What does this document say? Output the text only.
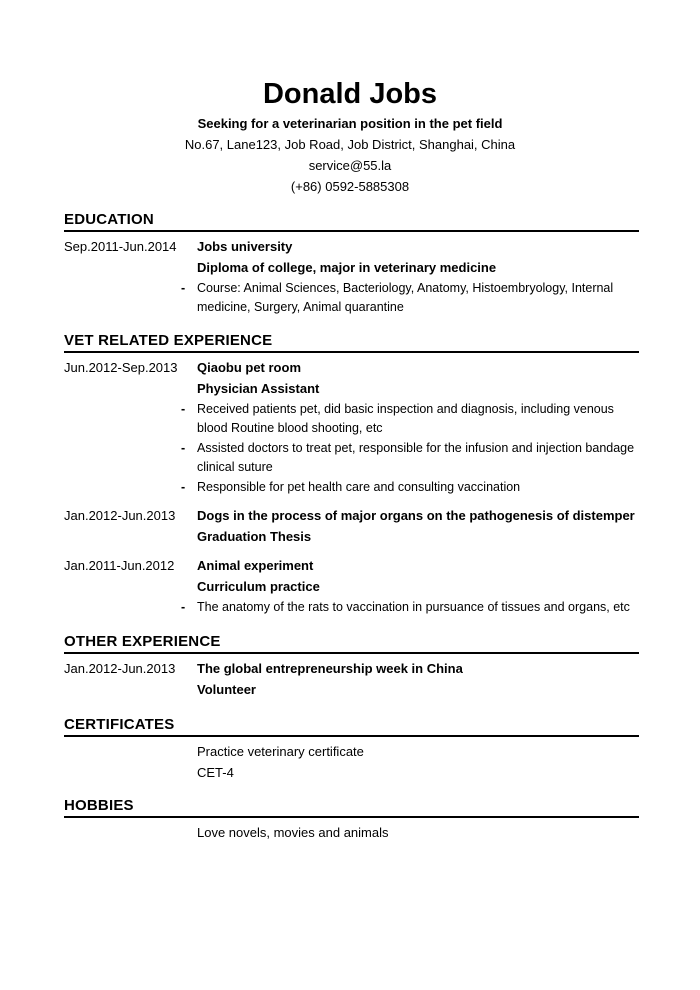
Donald Jobs
Seeking for a veterinarian position in the pet field
No.67, Lane123, Job Road, Job District, Shanghai, China
service@55.la
(+86) 0592-5885308
EDUCATION
Sep.2011-Jun.2014 Jobs university
Diploma of college, major in veterinary medicine
- Course: Animal Sciences, Bacteriology, Anatomy, Histoembryology, Internal medicine, Surgery, Animal quarantine
VET RELATED EXPERIENCE
Jun.2012-Sep.2013 Qiaobu pet room
Physician Assistant
- Received patients pet, did basic inspection and diagnosis, including venous blood Routine blood shooting, etc
- Assisted doctors to treat pet, responsible for the infusion and injection bandage clinical suture
- Responsible for pet health care and consulting vaccination
Jan.2012-Jun.2013 Dogs in the process of major organs on the pathogenesis of distemper
Graduation Thesis
Jan.2011-Jun.2012 Animal experiment
Curriculum practice
- The anatomy of the rats to vaccination in pursuance of tissues and organs, etc
OTHER EXPERIENCE
Jan.2012-Jun.2013 The global entrepreneurship week in China
Volunteer
CERTIFICATES
Practice veterinary certificate
CET-4
HOBBIES
Love novels, movies and animals
